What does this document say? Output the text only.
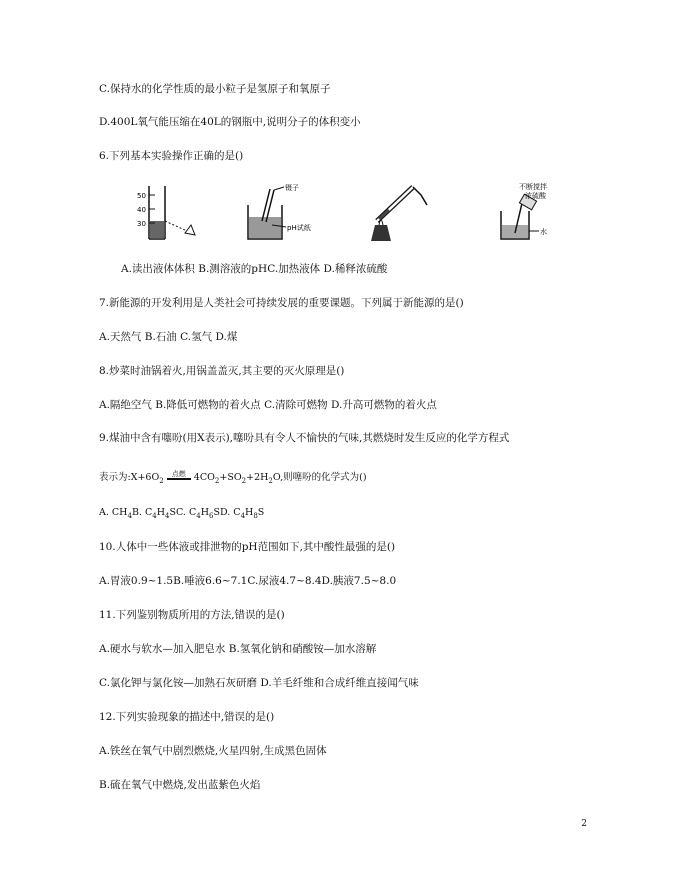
C.保持水的化学性质的最小粒子是氢原子和氧原子
D.400L氧气能压缩在40L的钢瓶中,说明分子的体积变小
6.下列基本实验操作正确的是()
50
40
30
镊子
pH试纸
不断搅拌
浓硫酸
水
A.读出液体体积 B.测溶液的pHC.加热液体 D.稀释浓硫酸
7.新能源的开发利用是人类社会可持续发展的重要课题。下列属于新能源的是()
A.天然气 B.石油 C.氢气 D.煤
8.炒菜时油锅着火,用锅盖盖灭,其主要的灭火原理是()
A.隔绝空气 B.降低可燃物的着火点 C.清除可燃物 D.升高可燃物的着火点
9.煤油中含有噻吩(用X表示),噻吩具有令人不愉快的气味,其燃烧时发生反应的化学方程式
表示为$:X+6O_2$ 点燃 $4CO_2+SO_2+2H_2O$,则噻吩的化学式为()
A. $CH_4B$. $C_4H_4SC$. $C_4H_6SD$. $C_4H_8S$
10.人体中一些体液或排泄物的pH范围如下,其中酸性最强的是()
A.胃液0.9~1.5B.唾液6.6~7.1C.尿液4.7~8.4D.胰液7.5~8.0
11.下列鉴别物质所用的方法,错误的是()
A.硬水与软水—加入肥皂水 B.氢氧化钠和硝酸铵—加水溶解
C.氯化钾与氯化铵—加熟石灰研磨 D.羊毛纤维和合成纤维直接闻气味
12.下列实验现象的描述中,错误的是()
A.铁丝在氧气中剧烈燃烧,火星四射,生成黑色固体
B.硫在氧气中燃烧,发出蓝紫色火焰
2
